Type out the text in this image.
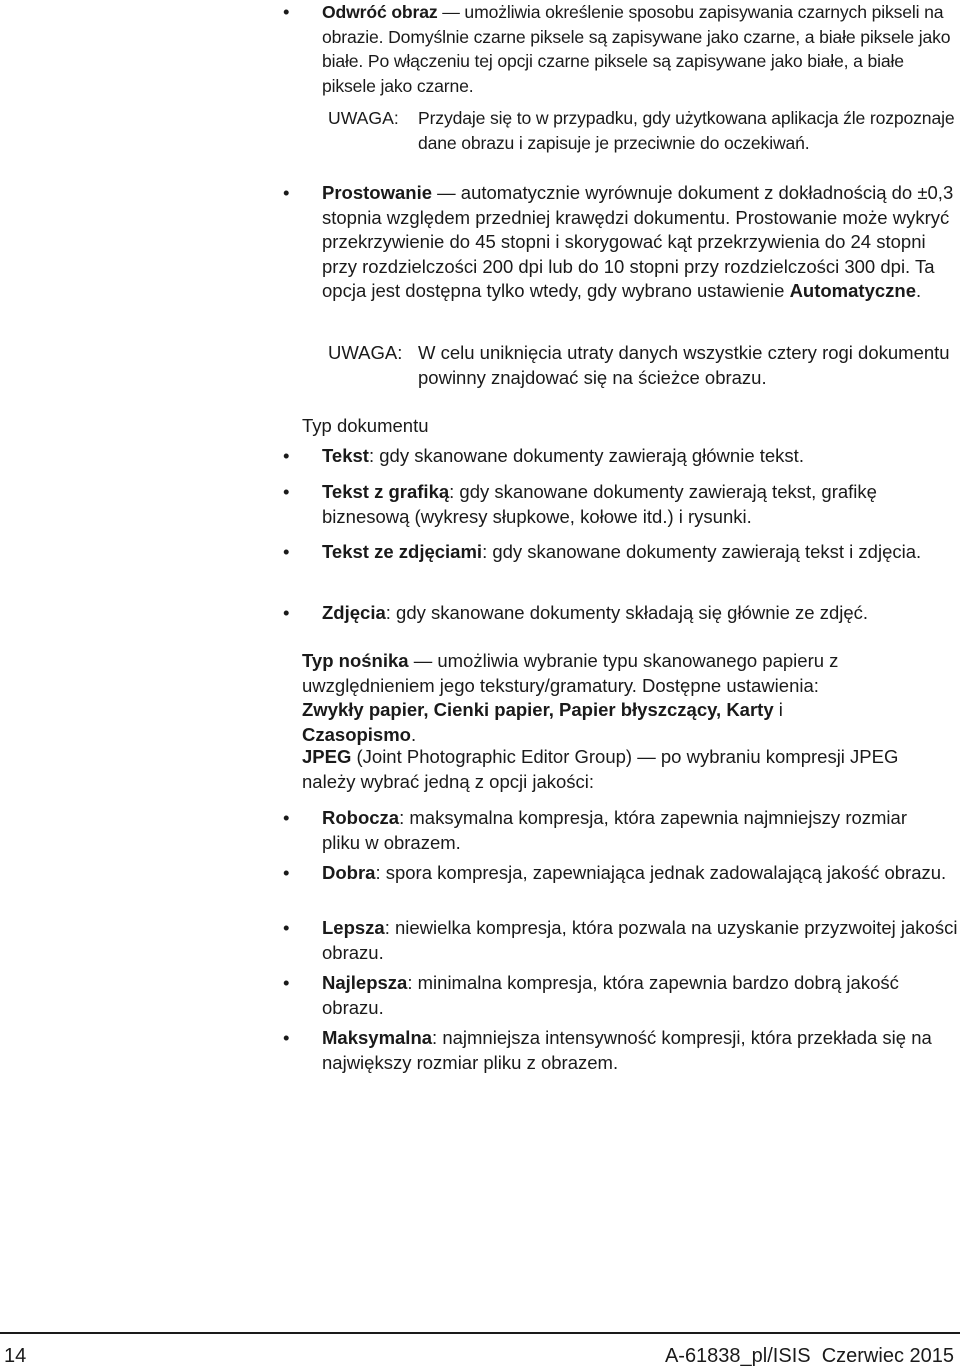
•	Odwróć obraz — umożliwia określenie sposobu zapisywania czarnych pikseli na obrazie. Domyślnie czarne piksele są zapisywane jako czarne, a białe piksele jako białe. Po włączeniu tej opcji czarne piksele są zapisywane jako białe, a białe piksele jako czarne.
UWAGA: Przydaje się to w przypadku, gdy użytkowana aplikacja źle rozpoznaje dane obrazu i zapisuje je przeciwnie do oczekiwań.
•	Prostowanie — automatycznie wyrównuje dokument z dokładnością do ±0,3 stopnia względem przedniej krawędzi dokumentu. Prostowanie może wykryć przekrzywienie do 45 stopni i skorygować kąt przekrzywienia do 24 stopni przy rozdzielczości 200 dpi lub do 10 stopni przy rozdzielczości 300 dpi. Ta opcja jest dostępna tylko wtedy, gdy wybrano ustawienie Automatyczne.
UWAGA: W celu uniknięcia utraty danych wszystkie cztery rogi dokumentu powinny znajdować się na ścieżce obrazu.
Typ dokumentu
•	Tekst: gdy skanowane dokumenty zawierają głównie tekst.
•	Tekst z grafiką: gdy skanowane dokumenty zawierają tekst, grafikę biznesową (wykresy słupkowe, kołowe itd.) i rysunki.
•	Tekst ze zdjęciami: gdy skanowane dokumenty zawierają tekst i zdjęcia.
•	Zdjęcia: gdy skanowane dokumenty składają się głównie ze zdjęć.
Typ nośnika — umożliwia wybranie typu skanowanego papieru z uwzględnieniem jego tekstury/gramatury. Dostępne ustawienia: Zwykły papier, Cienki papier, Papier błyszczący, Karty i Czasopismo.
JPEG (Joint Photographic Editor Group) — po wybraniu kompresji JPEG należy wybrać jedną z opcji jakości:
•	Robocza: maksymalna kompresja, która zapewnia najmniejszy rozmiar pliku w obrazem.
•	Dobra: spora kompresja, zapewniająca jednak zadowalającą jakość obrazu.
•	Lepsza: niewielka kompresja, która pozwala na uzyskanie przyzwoitej jakości obrazu.
•	Najlepsza: minimalna kompresja, która zapewnia bardzo dobrą jakość obrazu.
•	Maksymalna: najmniejsza intensywność kompresji, która przekłada się na największy rozmiar pliku z obrazem.
14	A-61838_pl/ISIS  Czerwiec 2015
